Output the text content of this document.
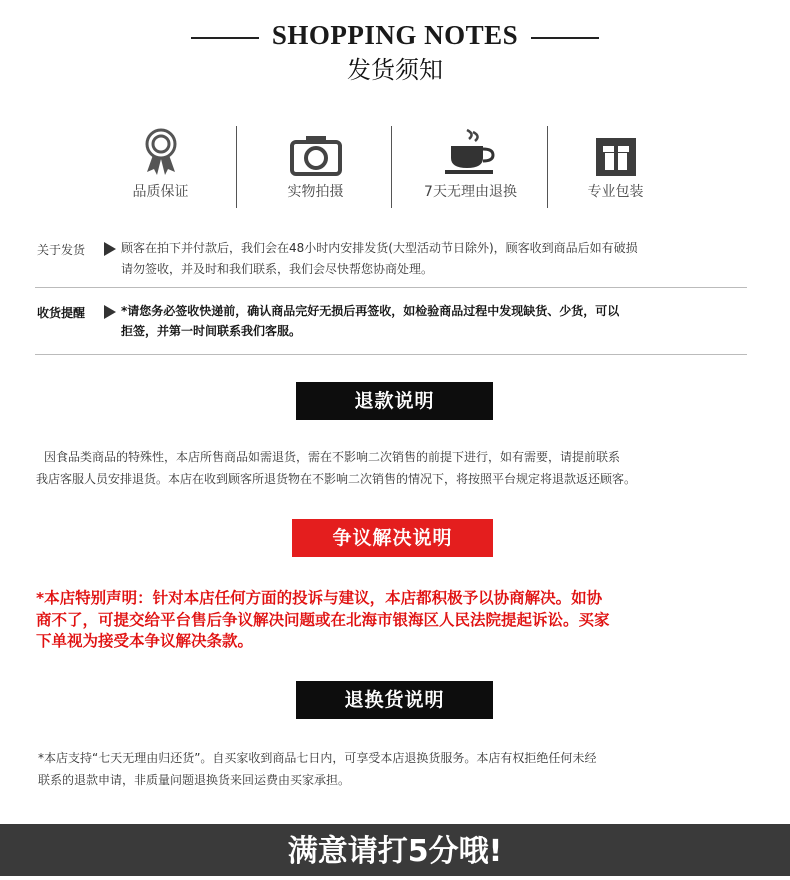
SHOPPING NOTES
发货须知
品质保证	实物拍摄	7天无理由退换	专业包装
关于发货	顾客在拍下并付款后，我们会在48小时内安排发货(大型活动节日除外)，顾客收到商品后如有破损
请勿签收，并及时和我们联系，我们会尽快帮您协商处理。
收货提醒	*请您务必签收快递前，确认商品完好无损后再签收，如检验商品过程中发现缺货、少货，可以
拒签，并第一时间联系我们客服。
退款说明
因食品类商品的特殊性，本店所售商品如需退货，需在不影响二次销售的前提下进行，如有需要，请提前联系
我店客服人员安排退货。本店在收到顾客所退货物在不影响二次销售的情况下，将按照平台规定将退款返还顾客。
争议解决说明
*本店特别声明：针对本店任何方面的投诉与建议，本店都积极予以协商解决。如协
商不了，可提交给平台售后争议解决问题或在北海市银海区人民法院提起诉讼。买家
下单视为接受本争议解决条款。
退换货说明
*本店支持“七天无理由归还货”。自买家收到商品七日内，可享受本店退换货服务。本店有权拒绝任何未经
联系的退款申请，非质量问题退换货来回运费由买家承担。
满意请打5分哦!
